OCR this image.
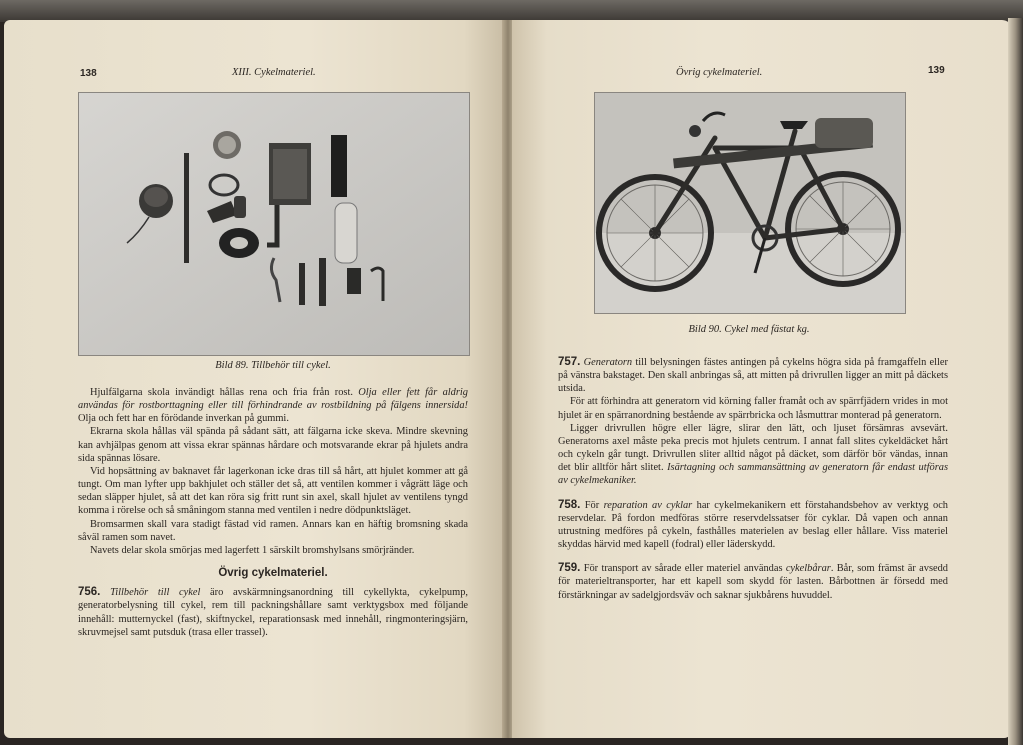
138	XIII. Cykelmateriel.
Bild 89. Tillbehör till cykel.

Hjulfälgarna skola invändigt hållas rena och fria från rost. Olja eller fett får aldrig användas för rostborttagning eller till förhindrande av rostbildning på fälgens innersida! Olja och fett har en förödande inverkan på gummi.

Ekrarna skola hållas väl spända på sådant sätt, att fälgarna icke skeva. Mindre skevning kan avhjälpas genom att vissa ekrar spännas hårdare och motsvarande ekrar på hjulets andra sida spännas lösare.

Vid hopsättning av baknavet får lagerkonan icke dras till så hårt, att hjulet kommer att gå tungt. Om man lyfter upp bakhjulet och ställer det så, att ventilen kommer i vågrätt läge och sedan släpper hjulet, så att det kan röra sig fritt runt sin axel, skall hjulet av ventilens tyngd komma i rörelse och så småningom stanna med ventilen i nedre dödpunktsläget.

Bromsarmen skall vara stadigt fästad vid ramen. Annars kan en häftig bromsning skada såväl ramen som navet.

Navets delar skola smörjas med lagerfett 1 särskilt bromshylsans smörjränder.

Övrig cykelmateriel.

756. Tillbehör till cykel äro avskärmningsanordning till cykellykta, cykelpump, generatorbelysning till cykel, rem till packningshållare samt verktygsbox med följande innehåll: mutternyckel (fast), skiftnyckel, reparationsask med innehåll, ringmonteringsjärn, skruvmejsel samt putsduk (trasa eller trassel).

Övrig cykelmateriel.	139
Bild 90. Cykel med fästat kg.

757. Generatorn till belysningen fästes antingen på cykelns högra sida på framgaffeln eller på vänstra bakstaget. Den skall anbringas så, att mitten på drivrullen ligger an mitt på däckets utsida.

För att förhindra att generatorn vid körning faller framåt och av spärrfjädern vrides in mot hjulet är en spärranordning bestående av spärrbricka och låsmuttrar monterad på generatorn.

Ligger drivrullen högre eller lägre, slirar den lätt, och ljuset försämras avsevärt. Generatorns axel måste peka precis mot hjulets centrum. I annat fall slites cykeldäcket hårt och cykeln går tungt. Drivrullen sliter alltid något på däcket, som därför bör vändas, innan det blir alltför hårt slitet. Isärtagning och sammansättning av generatorn får endast utföras av cykelmekaniker.

758. För reparation av cyklar har cykelmekanikern ett förstahandsbehov av verktyg och reservdelar. På fordon medföras större reservdelssatser för cyklar. Då vapen och annan utrustning medföres på cykeln, fasthålles materielen av beslag eller hållare. Viss materiel skyddas härvid med kapell (fodral) eller läderskydd.

759. För transport av sårade eller materiel användas cykelbårar. Bår, som främst är avsedd för materieltransporter, har ett kapell som skydd för lasten. Bårbottnen är försedd med förstärkningar av sadelgjordsväv och saknar sjukbårens huvuddel.
